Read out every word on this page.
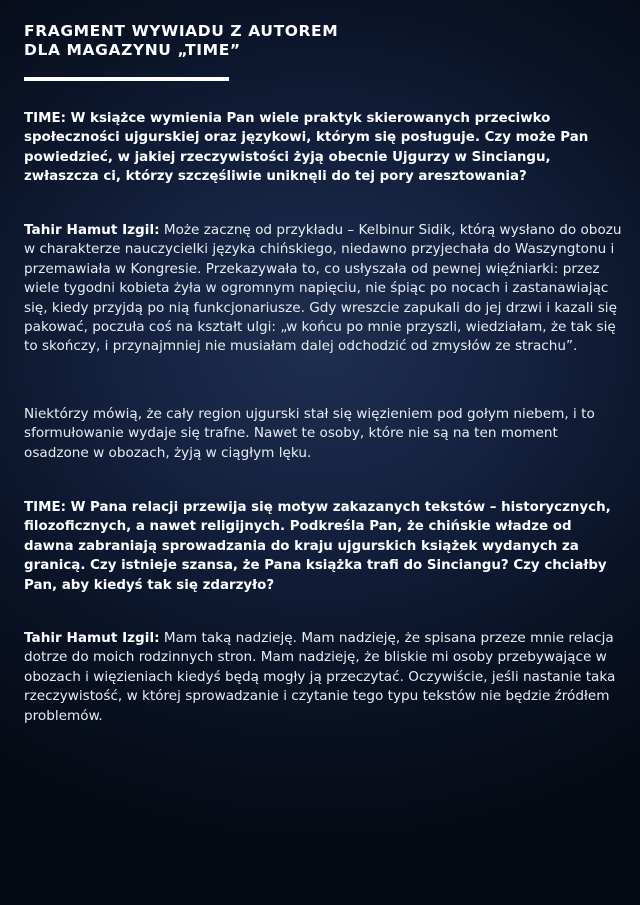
FRAGMENT WYWIADU Z AUTOREM
DLA MAGAZYNU „TIME”

TIME: W książce wymienia Pan wiele praktyk skierowanych przeciwko społeczności ujgurskiej oraz językowi, którym się posługuje. Czy może Pan powiedzieć, w jakiej rzeczywistości żyją obecnie Ujgurzy w Sinciangu, zwłaszcza ci, którzy szczęśliwie uniknęli do tej pory aresztowania?

Tahir Hamut Izgil: Może zacznę od przykładu – Kelbinur Sidik, którą wysłano do obozu w charakterze nauczycielki języka chińskiego, niedawno przyjechała do Waszyngtonu i przemawiała w Kongresie. Przekazywała to, co usłyszała od pewnej więźniarki: przez wiele tygodni kobieta żyła w ogromnym napięciu, nie śpiąc po nocach i zastanawiając się, kiedy przyjdą po nią funkcjonariusze. Gdy wreszcie zapukali do jej drzwi i kazali się pakować, poczuła coś na kształt ulgi: „w końcu po mnie przyszli, wiedziałam, że tak się to skończy, i przynajmniej nie musiałam dalej odchodzić od zmysłów ze strachu”.

Niektórzy mówią, że cały region ujgurski stał się więzieniem pod gołym niebem, i to sformułowanie wydaje się trafne. Nawet te osoby, które nie są na ten moment osadzone w obozach, żyją w ciągłym lęku.

TIME: W Pana relacji przewija się motyw zakazanych tekstów – historycznych, filozoficznych, a nawet religijnych. Podkreśla Pan, że chińskie władze od dawna zabraniają sprowadzania do kraju ujgurskich książek wydanych za granicą. Czy istnieje szansa, że Pana książka trafi do Sinciangu? Czy chciałby Pan, aby kiedyś tak się zdarzyło?

Tahir Hamut Izgil: Mam taką nadzieję. Mam nadzieję, że spisana przeze mnie relacja dotrze do moich rodzinnych stron. Mam nadzieję, że bliskie mi osoby przebywające w obozach i więzieniach kiedyś będą mogły ją przeczytać. Oczywiście, jeśli nastanie taka rzeczywistość, w której sprowadzanie i czytanie tego typu tekstów nie będzie źródłem problemów.
